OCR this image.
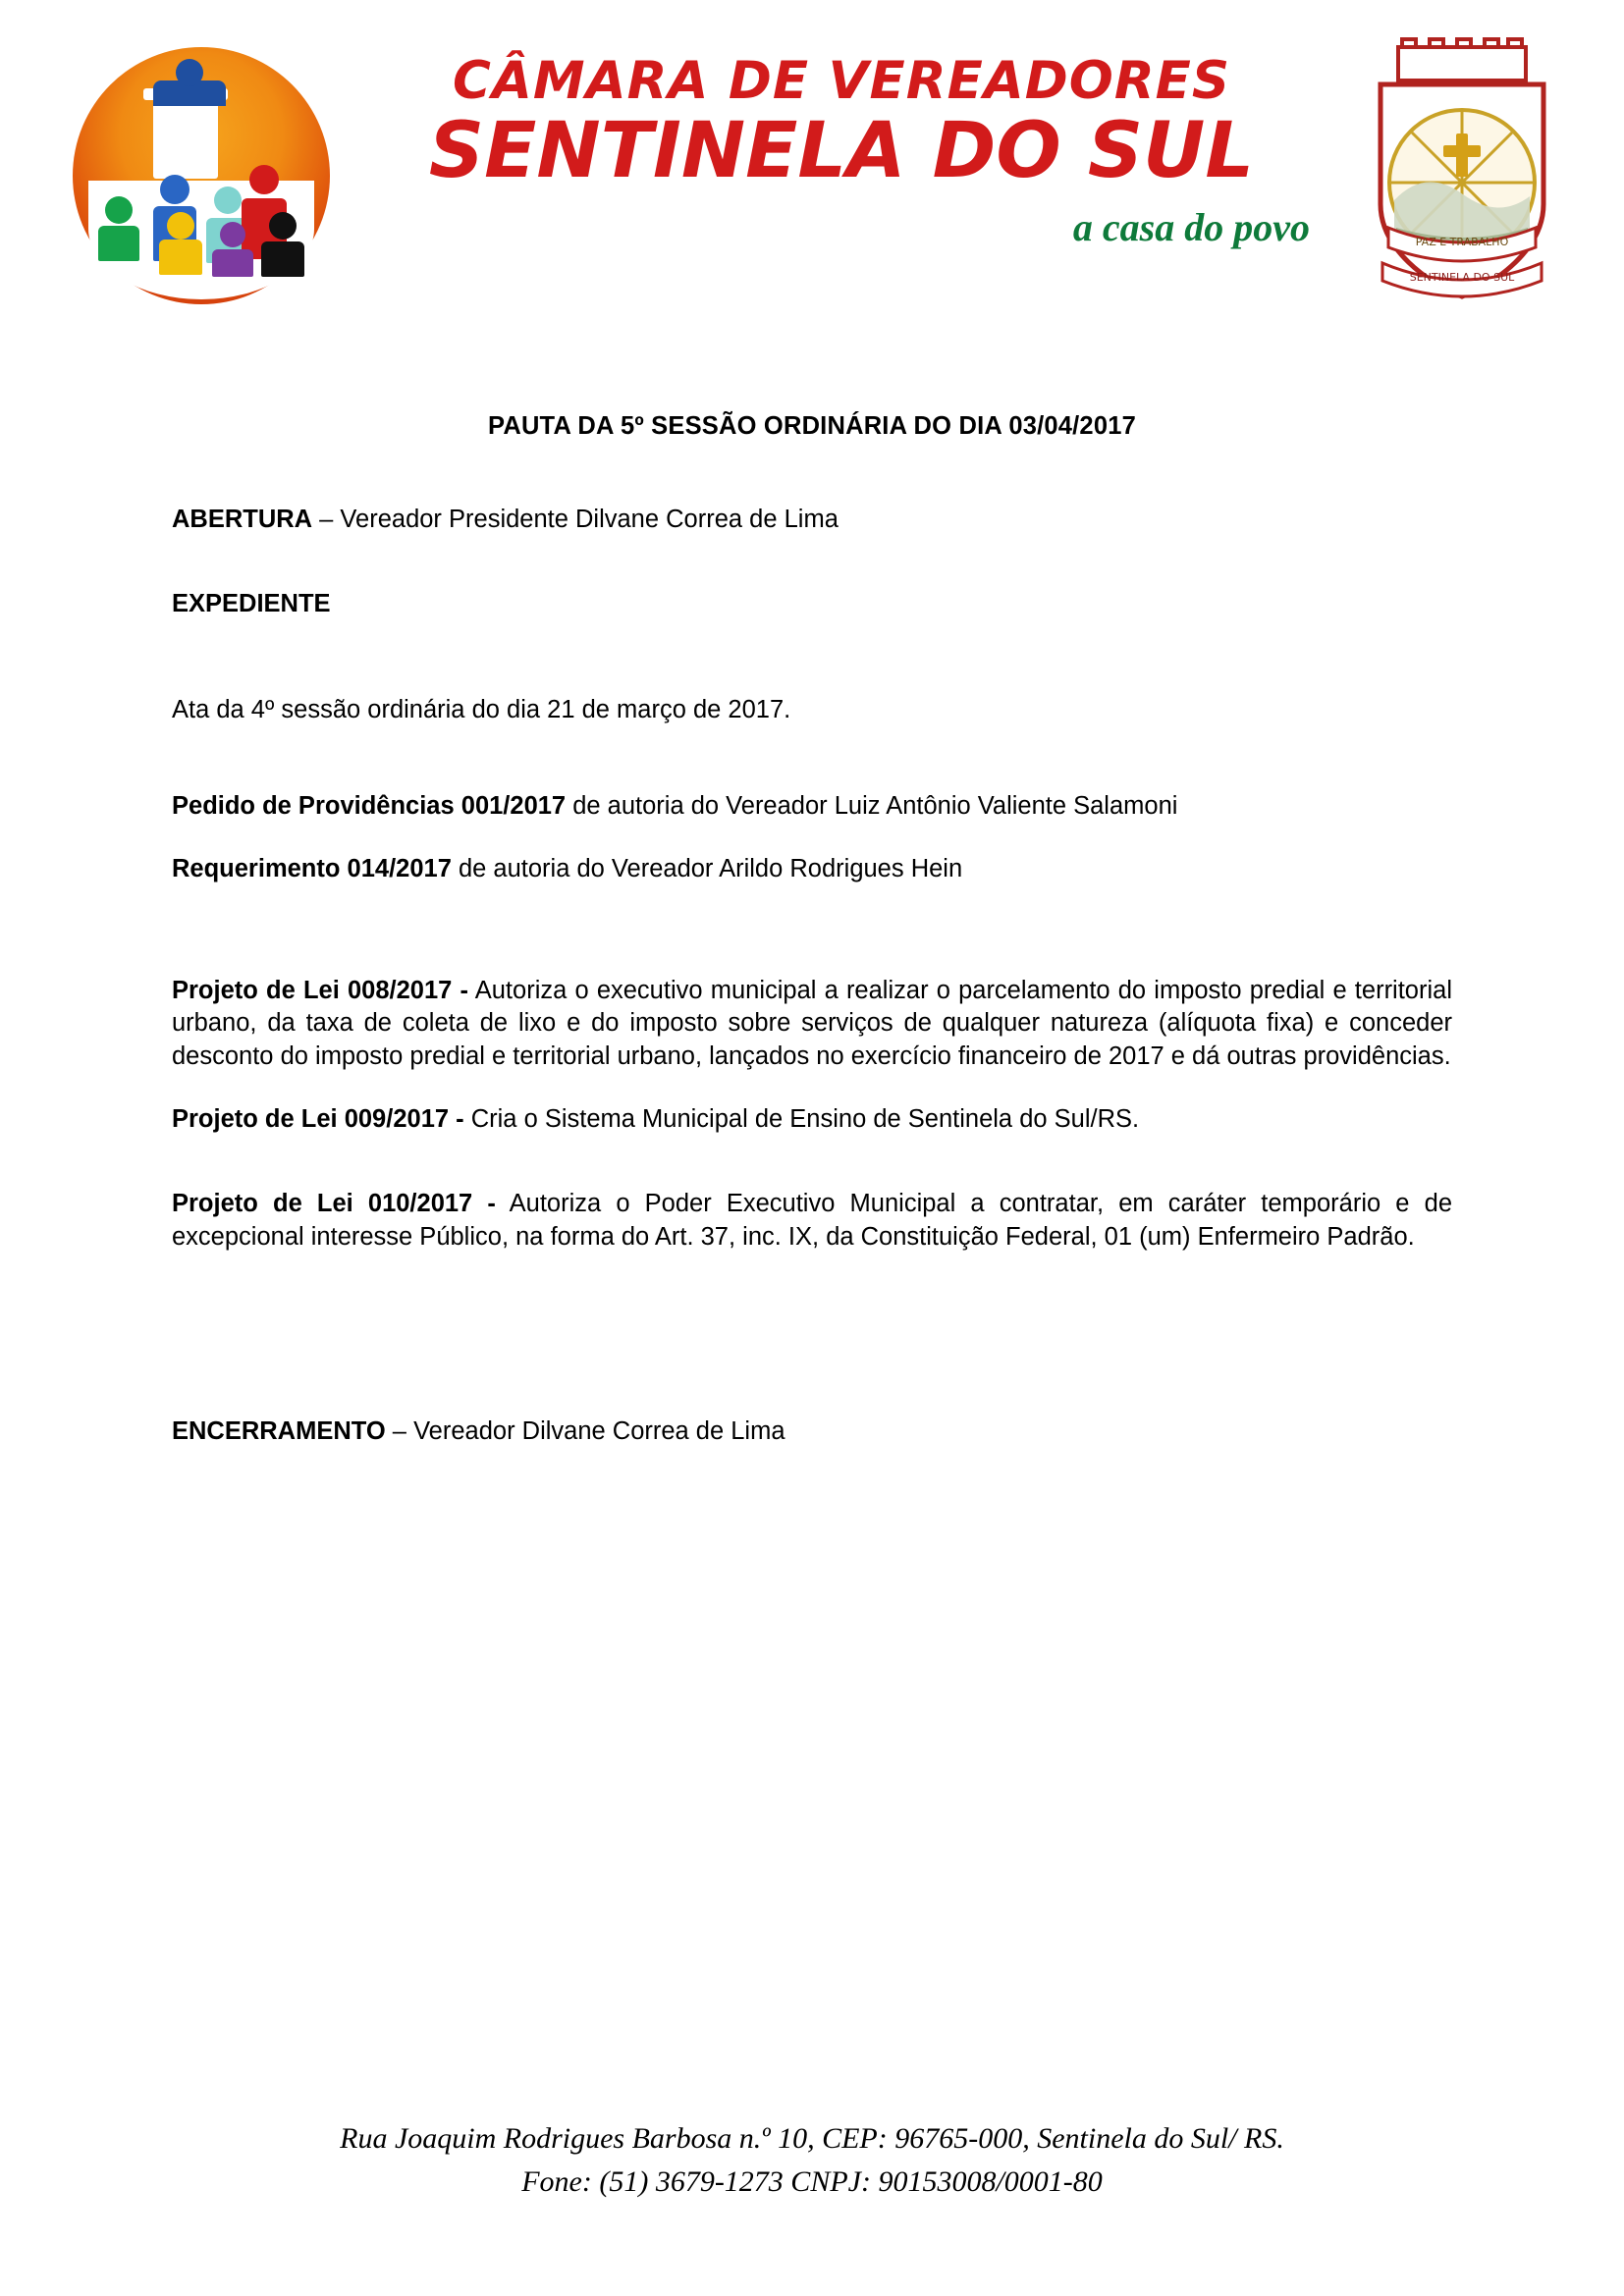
CÂMARA DE VEREADORES
SENTINELA DO SUL
a casa do povo	PAZ E TRABALHO
SENTINELA DO SUL
PAUTA DA 5º SESSÃO ORDINÁRIA DO DIA 03/04/2017

ABERTURA – Vereador Presidente Dilvane Correa de Lima

EXPEDIENTE

Ata da 4º sessão ordinária do dia 21 de março de 2017.

Pedido de Providências 001/2017 de autoria do Vereador Luiz Antônio Valiente Salamoni

Requerimento 014/2017 de autoria do Vereador Arildo Rodrigues Hein

Projeto de Lei 008/2017 - Autoriza o executivo municipal a realizar o parcelamento do imposto predial e territorial urbano, da taxa de coleta de lixo e do imposto sobre serviços de qualquer natureza (alíquota fixa) e conceder desconto do imposto predial e territorial urbano, lançados no exercício financeiro de 2017 e dá outras providências.

Projeto de Lei 009/2017 - Cria o Sistema Municipal de Ensino de Sentinela do Sul/RS.

Projeto de Lei 010/2017 - Autoriza o Poder Executivo Municipal a contratar, em caráter temporário e de excepcional interesse Público, na forma do Art. 37, inc. IX, da Constituição Federal, 01 (um) Enfermeiro Padrão.

ENCERRAMENTO – Vereador Dilvane Correa de Lima

Rua Joaquim Rodrigues Barbosa n.º 10, CEP: 96765-000, Sentinela do Sul/ RS.
Fone: (51) 3679-1273 CNPJ: 90153008/0001-80
